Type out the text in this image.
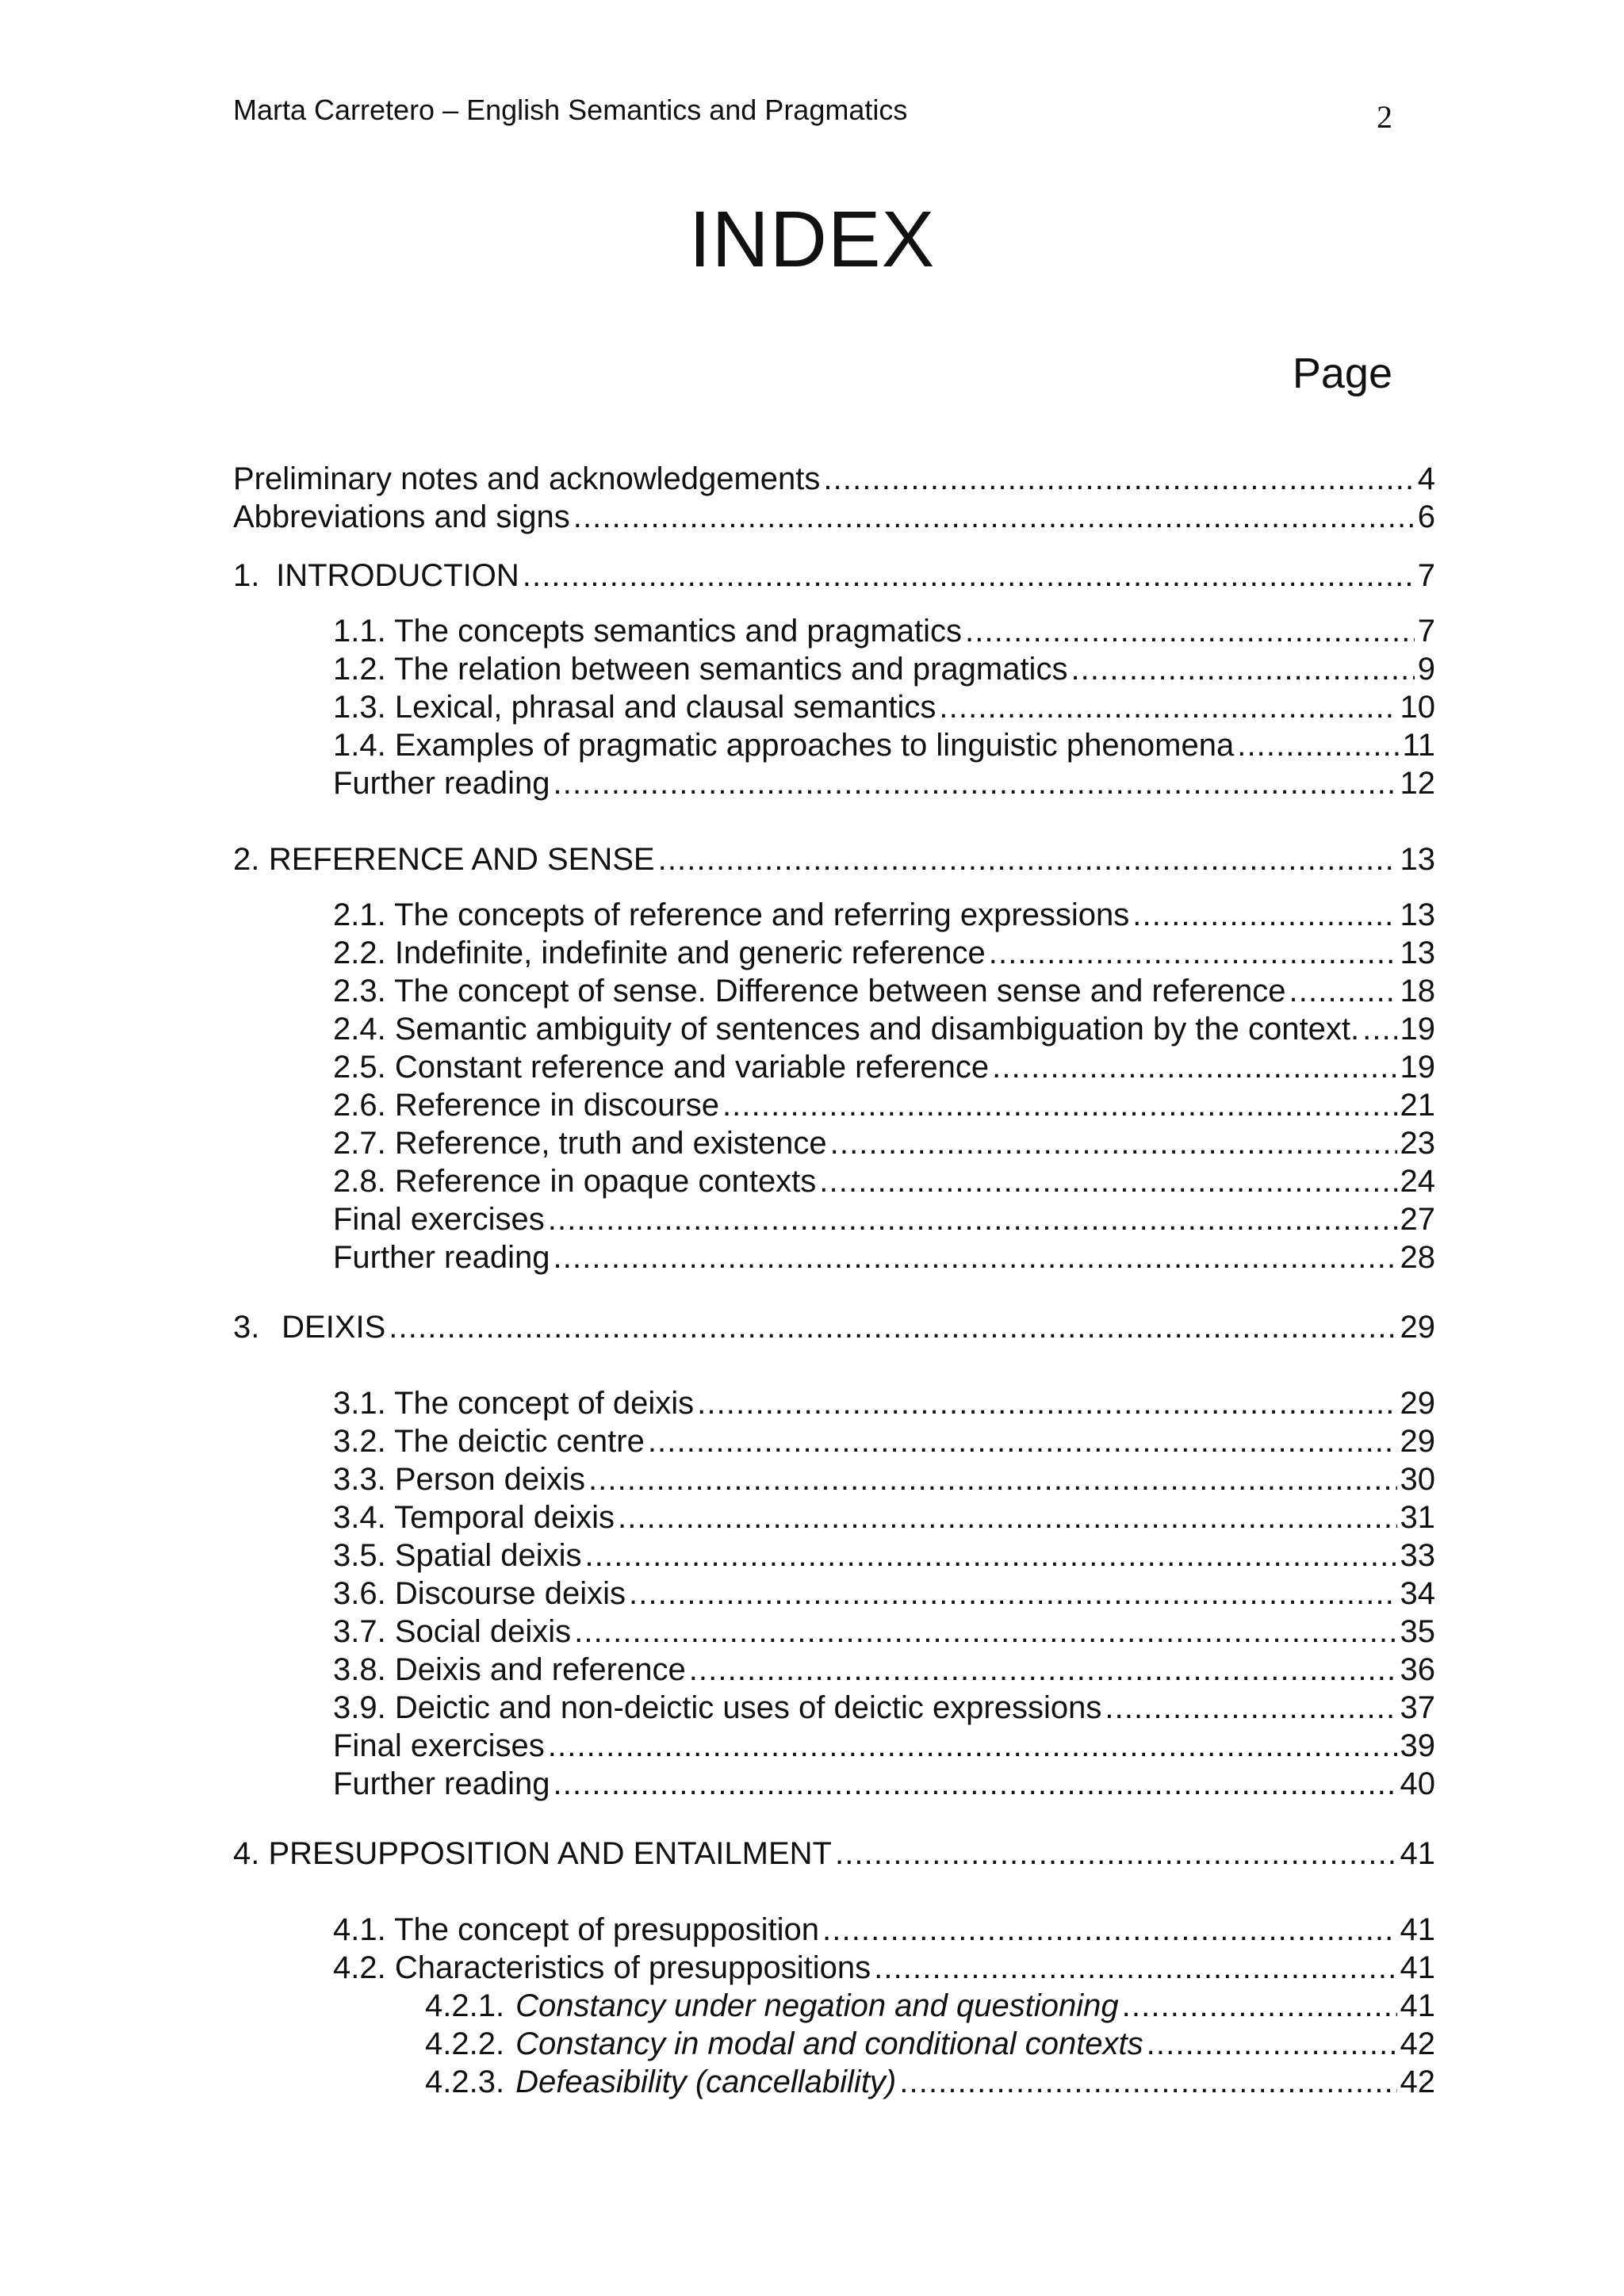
Marta Carretero – English Semantics and Pragmatics	2
INDEX
Page
Preliminary notes and acknowledgements . . .	4
Abbreviations and signs . . .	6
1. INTRODUCTION . . .	7
1.1. The concepts semantics and pragmatics . . .	7
1.2. The relation between semantics and pragmatics . . .	9
1.3. Lexical, phrasal and clausal semantics . . .	10
1.4. Examples of pragmatic approaches to linguistic phenomena . . .	11
Further reading . . .	12
2. REFERENCE AND SENSE . . .	13
2.1. The concepts of reference and referring expressions . . .	13
2.2. Indefinite, indefinite and generic reference . . .	13
2.3. The concept of sense. Difference between sense and reference . . .	18
2.4. Semantic ambiguity of sentences and disambiguation by the context. . . . 19
2.5. Constant reference and variable reference . . .	19
2.6. Reference in discourse . . .	21
2.7. Reference, truth and existence . . .	23
2.8. Reference in opaque contexts . . .	24
Final exercises . . .	27
Further reading . . .	28
3. DEIXIS . . .	29
3.1. The concept of deixis . . .	29
3.2. The deictic centre . . .	29
3.3. Person deixis . . .	30
3.4. Temporal deixis . . .	31
3.5. Spatial deixis . . .	33
3.6. Discourse deixis . . .	34
3.7. Social deixis . . .	35
3.8. Deixis and reference . . .	36
3.9. Deictic and non-deictic uses of deictic expressions . . .	37
Final exercises . . .	39
Further reading . . .	40
4. PRESUPPOSITION AND ENTAILMENT . . .	41
4.1. The concept of presupposition . . .	41
4.2. Characteristics of presuppositions . . .	41
4.2.1. Constancy under negation and questioning . . .	41
4.2.2. Constancy in modal and conditional contexts . . .	42
4.2.3. Defeasibility (cancellability) . . .	42
